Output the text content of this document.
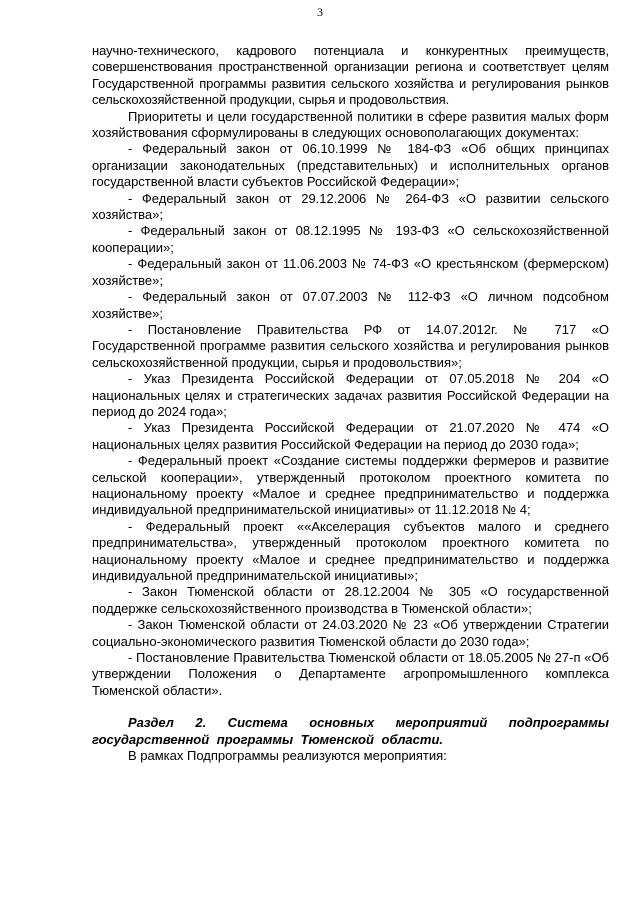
3

научно-технического, кадрового потенциала и конкурентных преимуществ, совершенствования пространственной организации региона и соответствует целям Государственной программы развития сельского хозяйства и регулирования рынков сельскохозяйственной продукции, сырья и продовольствия.

Приоритеты и цели государственной политики в сфере развития малых форм хозяйствования сформулированы в следующих основополагающих документах:

- Федеральный закон от 06.10.1999 № 184-ФЗ «Об общих принципах организации законодательных (представительных) и исполнительных органов государственной власти субъектов Российской Федерации»;

- Федеральный закон от 29.12.2006 № 264-ФЗ «О развитии сельского хозяйства»;

- Федеральный закон от 08.12.1995 № 193-ФЗ «О сельскохозяйственной кооперации»;

- Федеральный закон от 11.06.2003 № 74-ФЗ «О крестьянском (фермерском) хозяйстве»;

- Федеральный закон от 07.07.2003 № 112-ФЗ «О личном подсобном хозяйстве»;

- Постановление Правительства РФ от 14.07.2012г. № 717 «О Государственной программе развития сельского хозяйства и регулирования рынков сельскохозяйственной продукции, сырья и продовольствия»;

- Указ Президента Российской Федерации от 07.05.2018 № 204 «О национальных целях и стратегических задачах развития Российской Федерации на период до 2024 года»;

- Указ Президента Российской Федерации от 21.07.2020 № 474 «О национальных целях развития Российской Федерации на период до 2030 года»;

- Федеральный проект «Создание системы поддержки фермеров и развитие сельской кооперации», утвержденный протоколом проектного комитета по национальному проекту «Малое и среднее предпринимательство и поддержка индивидуальной предпринимательской инициативы» от 11.12.2018 № 4;

- Федеральный проект ««Акселерация субъектов малого и среднего предпринимательства», утвержденный протоколом проектного комитета по национальному проекту «Малое и среднее предпринимательство и поддержка индивидуальной предпринимательской инициативы»;

- Закон Тюменской области от 28.12.2004 № 305 «О государственной поддержке сельскохозяйственного производства в Тюменской области»;

- Закон Тюменской области от 24.03.2020 № 23 «Об утверждении Стратегии социально-экономического развития Тюменской области до 2030 года»;

- Постановление Правительства Тюменской области от 18.05.2005 № 27-п «Об утверждении Положения о Департаменте агропромышленного комплекса Тюменской области».

Раздел 2. Система основных мероприятий подпрограммы государственной программы Тюменской области.

В рамках Подпрограммы реализуются мероприятия:
